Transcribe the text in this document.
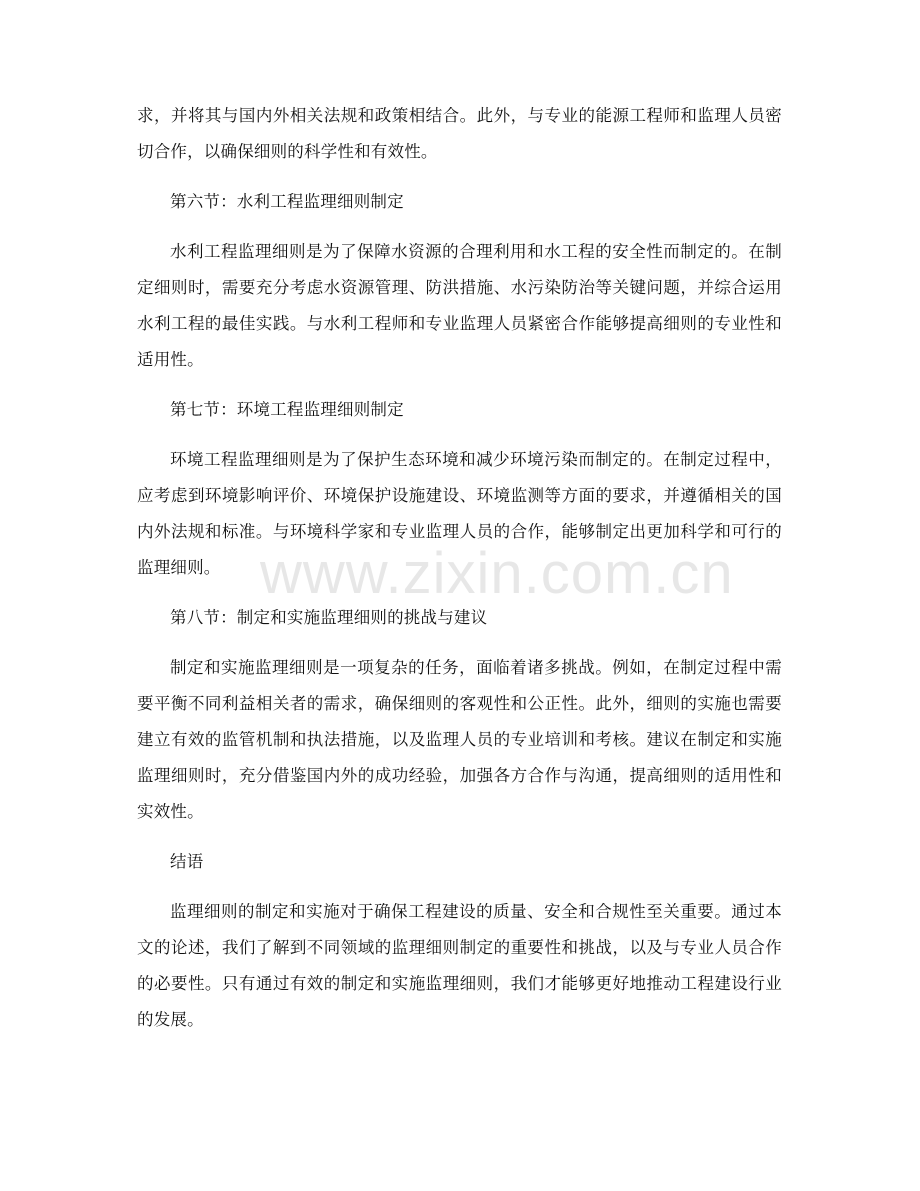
求，并将其与国内外相关法规和政策相结合。此外，与专业的能源工程师和监理人员密切合作，以确保细则的科学性和有效性。

第六节：水利工程监理细则制定

水利工程监理细则是为了保障水资源的合理利用和水工程的安全性而制定的。在制定细则时，需要充分考虑水资源管理、防洪措施、水污染防治等关键问题，并综合运用水利工程的最佳实践。与水利工程师和专业监理人员紧密合作能够提高细则的专业性和适用性。

第七节：环境工程监理细则制定

环境工程监理细则是为了保护生态环境和减少环境污染而制定的。在制定过程中，应考虑到环境影响评价、环境保护设施建设、环境监测等方面的要求，并遵循相关的国内外法规和标准。与环境科学家和专业监理人员的合作，能够制定出更加科学和可行的监理细则。

第八节：制定和实施监理细则的挑战与建议

制定和实施监理细则是一项复杂的任务，面临着诸多挑战。例如，在制定过程中需要平衡不同利益相关者的需求，确保细则的客观性和公正性。此外，细则的实施也需要建立有效的监管机制和执法措施，以及监理人员的专业培训和考核。建议在制定和实施监理细则时，充分借鉴国内外的成功经验，加强各方合作与沟通，提高细则的适用性和实效性。

结语

监理细则的制定和实施对于确保工程建设的质量、安全和合规性至关重要。通过本文的论述，我们了解到不同领域的监理细则制定的重要性和挑战，以及与专业人员合作的必要性。只有通过有效的制定和实施监理细则，我们才能够更好地推动工程建设行业的发展。

www.zixin.com.cn
